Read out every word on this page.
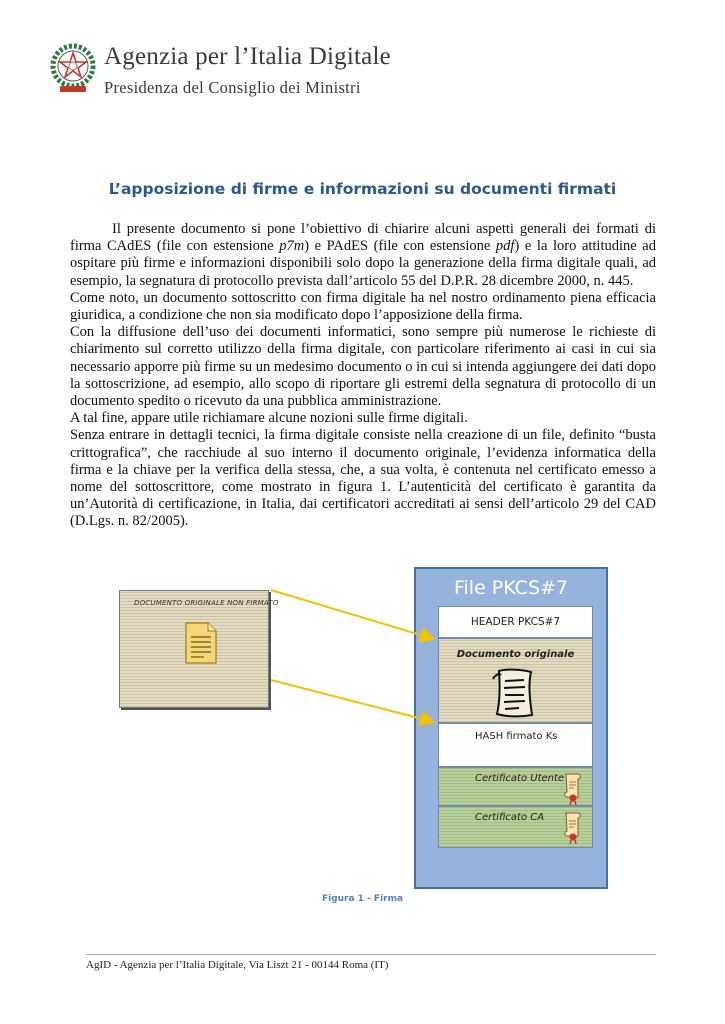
Agenzia per l’Italia Digitale
Presidenza del Consiglio dei Ministri
L’apposizione di firme e informazioni su documenti firmati

Il presente documento si pone l’obiettivo di chiarire alcuni aspetti generali dei formati di firma CAdES (file con estensione p7m) e PAdES (file con estensione pdf) e la loro attitudine ad ospitare più firme e informazioni disponibili solo dopo la generazione della firma digitale quali, ad esempio, la segnatura di protocollo prevista dall’articolo 55 del D.P.R. 28 dicembre 2000, n. 445.

Come noto, un documento sottoscritto con firma digitale ha nel nostro ordinamento piena efficacia giuridica, a condizione che non sia modificato dopo l’apposizione della firma.

Con la diffusione dell’uso dei documenti informatici, sono sempre più numerose le richieste di chiarimento sul corretto utilizzo della firma digitale, con particolare riferimento ai casi in cui sia necessario apporre più firme su un medesimo documento o in cui si intenda aggiungere dei dati dopo la sottoscrizione, ad esempio, allo scopo di riportare gli estremi della segnatura di protocollo di un documento spedito o ricevuto da una pubblica amministrazione.

A tal fine, appare utile richiamare alcune nozioni sulle firme digitali.

Senza entrare in dettagli tecnici, la firma digitale consiste nella creazione di un file, definito “busta crittografica”, che racchiude al suo interno il documento originale, l’evidenza informatica della firma e la chiave per la verifica della stessa, che, a sua volta, è contenuta nel certificato emesso a nome del sottoscrittore, come mostrato in figura 1. L’autenticità del certificato è garantita da un’Autorità di certificazione, in Italia, dai certificatori accreditati ai sensi dell’articolo 29 del CAD (D.Lgs. n. 82/2005).

DOCUMENTO ORIGINALE NON FIRMATO
File PKCS#7
HEADER PKCS#7
Documento originale
HASH firmato Ks
Certificato Utente
Certificato CA
Figura 1 - Firma
AgID - Agenzia per l’Italia Digitale, Via Liszt 21 - 00144 Roma (IT)
